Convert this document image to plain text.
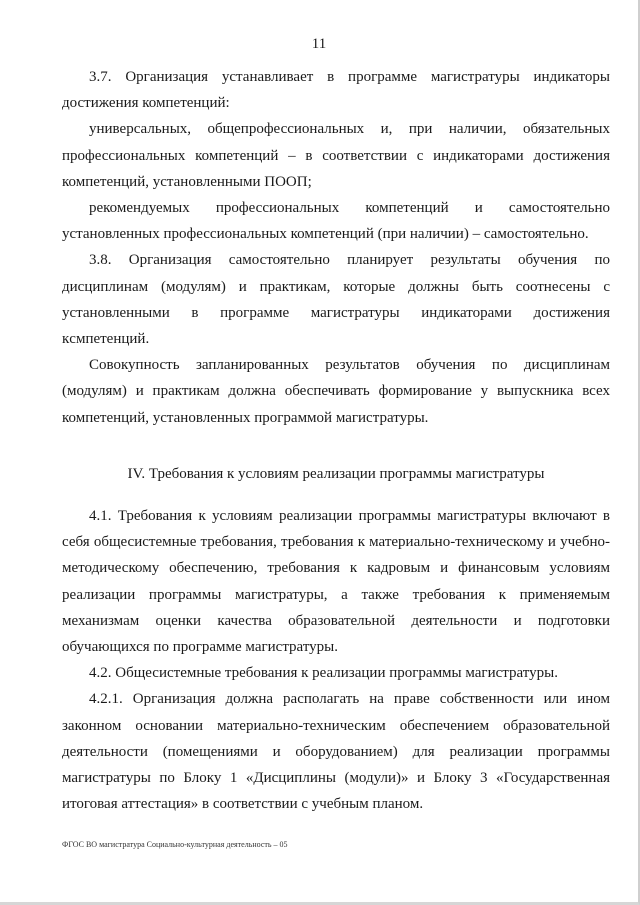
11

3.7. Организация устанавливает в программе магистратуры индикаторы достижения компетенций:

универсальных, общепрофессиональных и, при наличии, обязательных профессиональных компетенций – в соответствии с индикаторами достижения компетенций, установленными ПООП;

рекомендуемых профессиональных компетенций и самостоятельно установленных профессиональных компетенций (при наличии) – самостоятельно.

3.8. Организация самостоятельно планирует результаты обучения по дисциплинам (модулям) и практикам, которые должны быть соотнесены с установленными в программе магистратуры индикаторами достижения кcмпетенций.

Совокупность запланированных результатов обучения по дисциплинам (модулям) и практикам должна обеспечивать формирование у выпускника всех компетенций, установленных программой магистратуры.

IV. Требования к условиям реализации программы магистратуры

4.1. Требования к условиям реализации программы магистратуры включают в себя общесистемные требования, требования к материально-техническому и учебно-методическому обеспечению, требования к кадровым и финансовым условиям реализации программы магистратуры, а также требования к применяемым механизмам оценки качества образовательной деятельности и подготовки обучающихся по программе магистратуры.

4.2. Общесистемные требования к реализации программы магистратуры.

4.2.1. Организация должна располагать на праве собственности или ином законном основании материально-техническим обеспечением образовательной деятельности (помещениями и оборудованием) для реализации программы магистратуры по Блоку 1 «Дисциплины (модули)» и Блоку 3 «Государственная итоговая аттестация» в соответствии с учебным планом.

ФГОС ВО магистратура Социально-культурная деятельность – 05
